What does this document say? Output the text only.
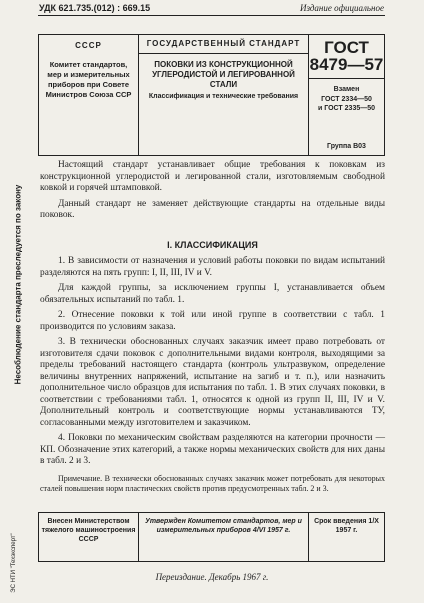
УДК 621.735.(012) : 669.15	Издание официальное
СССР
Комитет стандартов, мер и измерительных приборов при Совете Министров Союза ССР
ГОСУДАРСТВЕННЫЙ СТАНДАРТ
ПОКОВКИ ИЗ КОНСТРУКЦИОННОЙ УГЛЕРОДИСТОЙ И ЛЕГИРОВАННОЙ СТАЛИ
Классификация и технические требования
ГОСТ
8479—57
Взамен
ГОСТ 2334—50
и ГОСТ 2335—50
Группа В03

Настоящий стандарт устанавливает общие требования к поковкам из конструкционной углеродистой и легированной стали, изготовляемым свободной ковкой и горячей штамповкой.

Данный стандарт не заменяет действующие стандарты на отдельные виды поковок.

I. КЛАССИФИКАЦИЯ

1. В зависимости от назначения и условий работы поковки по видам испытаний разделяются на пять групп: I, II, III, IV и V.

Для каждой группы, за исключением группы I, устанавливается объем обязательных испытаний по табл. 1.

2. Отнесение поковки к той или иной группе в соответствии с табл. 1 производится по условиям заказа.

3. В технически обоснованных случаях заказчик имеет право потребовать от изготовителя сдачи поковок с дополнительными видами контроля, выходящими за пределы требований настоящего стандарта (контроль ультразвуком, определение величины внутренних напряжений, испытание на загиб и т. п.), или назначить дополнительное число образцов для испытания по табл. 1. В этих случаях поковки, в соответствии с требованиями табл. 1, относятся к одной из групп II, III, IV и V. Дополнительный контроль и соответствующие нормы устанавливаются ТУ, согласованными между изготовителем и заказчиком.

4. Поковки по механическим свойствам разделяются на категории прочности — КП. Обозначение этих категорий, а также нормы механических свойств для них даны в табл. 2 и 3.

Примечание. В технически обоснованных случаях заказчик может потребовать для некоторых сталей повышения норм пластических свойств против предусмотренных табл. 2 и 3.

Внесен Министерством тяжелого машиностроения СССР
Утвержден Комитетом стандартов, мер и измерительных приборов 4/VI 1957 г.
Срок введения 1/X 1957 г.
Переиздание. Декабрь 1967 г.
Несоблюдение стандарта преследуется по закону
ЭС НТИ "Техэксперт"
